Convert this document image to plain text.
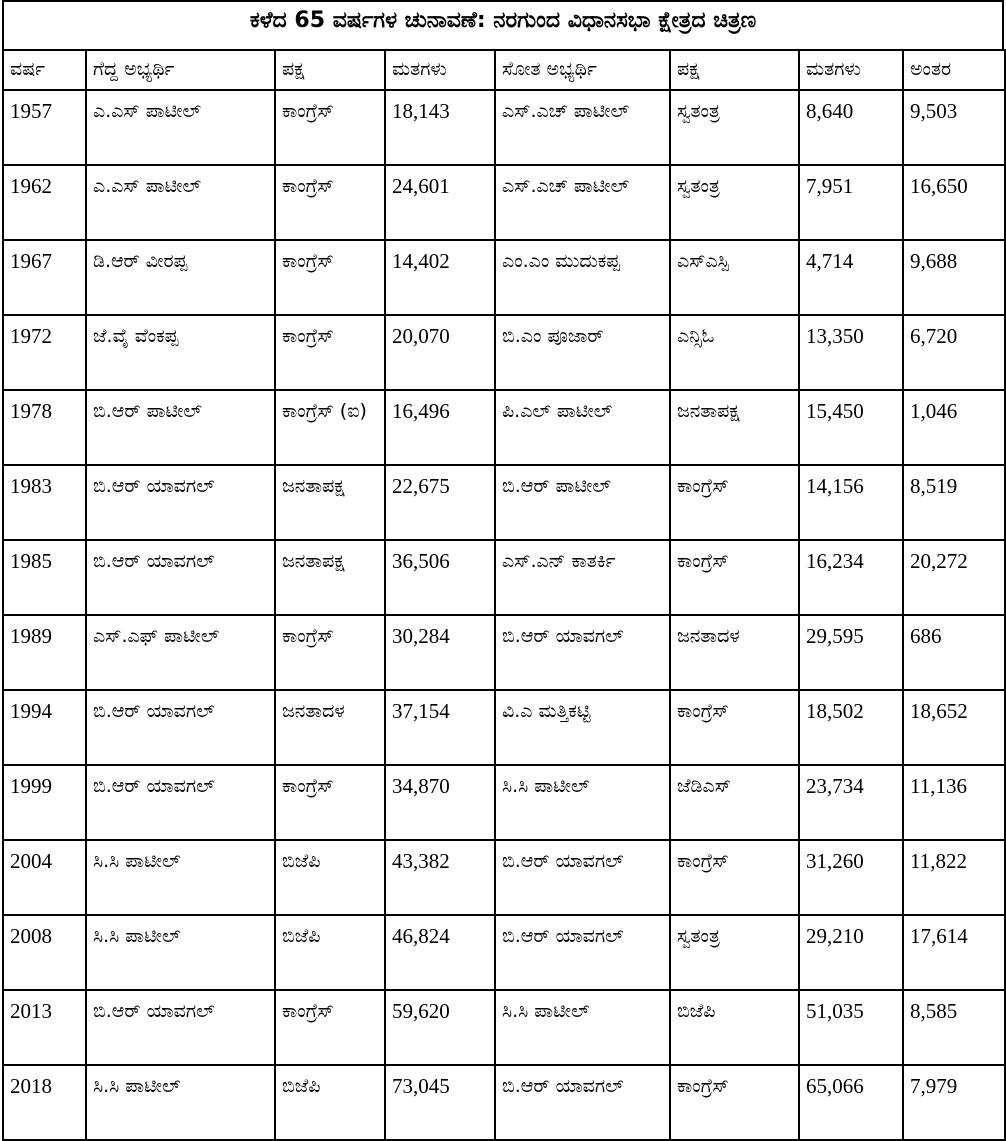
ಕಳೆದ 65 ವರ್ಷಗಳ ಚುನಾವಣೆ: ನರಗುಂದ ವಿಧಾನಸಭಾ ಕ್ಷೇತ್ರದ ಚಿತ್ರಣ
ವರ್ಷ	ಗೆದ್ದ ಅಭ್ಯರ್ಥಿ	ಪಕ್ಷ	ಮತಗಳು	ಸೋತ ಅಭ್ಯರ್ಥಿ	ಪಕ್ಷ	ಮತಗಳು	ಅಂತರ
1957	ಎ.ಎಸ್ ಪಾಟೀಲ್	ಕಾಂಗ್ರೆಸ್	18,143	ಎಸ್.ಎಚ್ ಪಾಟೀಲ್	ಸ್ವತಂತ್ರ	8,640	9,503
1962	ಎ.ಎಸ್ ಪಾಟೀಲ್	ಕಾಂಗ್ರೆಸ್	24,601	ಎಸ್.ಎಚ್ ಪಾಟೀಲ್	ಸ್ವತಂತ್ರ	7,951	16,650
1967	ಡಿ.ಆರ್ ವೀರಪ್ಪ	ಕಾಂಗ್ರೆಸ್	14,402	ಎಂ.ಎಂ ಮುದುಕಪ್ಪ	ಎಸ್ಎಸ್ಪಿ	4,714	9,688
1972	ಜೆ.ವೈ ವೆಂಕಪ್ಪ	ಕಾಂಗ್ರೆಸ್	20,070	ಬಿ.ಎಂ ಪೂಜಾರ್	ಎನ್ಸಿಓ	13,350	6,720
1978	ಬಿ.ಆರ್ ಪಾಟೀಲ್	ಕಾಂಗ್ರೆಸ್ (ಐ)	16,496	ಪಿ.ಎಲ್ ಪಾಟೀಲ್	ಜನತಾಪಕ್ಷ	15,450	1,046
1983	ಬಿ.ಆರ್ ಯಾವಗಲ್	ಜನತಾಪಕ್ಷ	22,675	ಬಿ.ಆರ್ ಪಾಟೀಲ್	ಕಾಂಗ್ರೆಸ್	14,156	8,519
1985	ಬಿ.ಆರ್ ಯಾವಗಲ್	ಜನತಾಪಕ್ಷ	36,506	ಎಸ್.ಎನ್ ಕಾತರ್ಕಿ	ಕಾಂಗ್ರೆಸ್	16,234	20,272
1989	ಎಸ್.ಎಫ್ ಪಾಟೀಲ್	ಕಾಂಗ್ರೆಸ್	30,284	ಬಿ.ಆರ್ ಯಾವಗಲ್	ಜನತಾದಳ	29,595	686
1994	ಬಿ.ಆರ್ ಯಾವಗಲ್	ಜನತಾದಳ	37,154	ವಿ.ಎ ಮತ್ತಿಕಟ್ಟಿ	ಕಾಂಗ್ರೆಸ್	18,502	18,652
1999	ಬಿ.ಆರ್ ಯಾವಗಲ್	ಕಾಂಗ್ರೆಸ್	34,870	ಸಿ.ಸಿ ಪಾಟೀಲ್	ಜೆಡಿಎಸ್	23,734	11,136
2004	ಸಿ.ಸಿ ಪಾಟೀಲ್	ಬಿಜೆಪಿ	43,382	ಬಿ.ಆರ್ ಯಾವಗಲ್	ಕಾಂಗ್ರೆಸ್	31,260	11,822
2008	ಸಿ.ಸಿ ಪಾಟೀಲ್	ಬಿಜೆಪಿ	46,824	ಬಿ.ಆರ್ ಯಾವಗಲ್	ಸ್ವತಂತ್ರ	29,210	17,614
2013	ಬಿ.ಆರ್ ಯಾವಗಲ್	ಕಾಂಗ್ರೆಸ್	59,620	ಸಿ.ಸಿ ಪಾಟೀಲ್	ಬಿಜೆಪಿ	51,035	8,585
2018	ಸಿ.ಸಿ ಪಾಟೀಲ್	ಬಿಜೆಪಿ	73,045	ಬಿ.ಆರ್ ಯಾವಗಲ್	ಕಾಂಗ್ರೆಸ್	65,066	7,979
